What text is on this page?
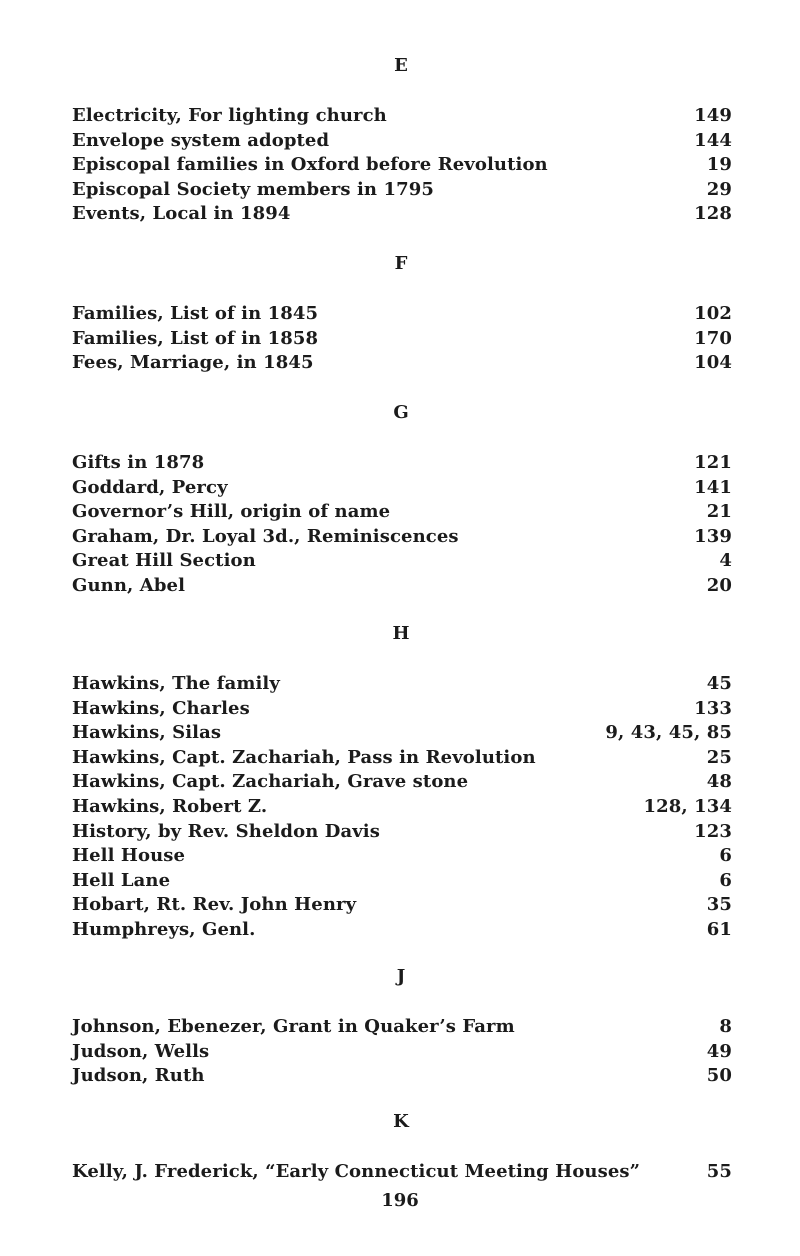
E
Electricity, For lighting church	149
Envelope system adopted	144
Episcopal families in Oxford before Revolution	19
Episcopal Society members in 1795	29
Events, Local in 1894	128
F
Families, List of in 1845	102
Families, List of in 1858	170
Fees, Marriage, in 1845	104
G
Gifts in 1878	121
Goddard, Percy	141
Governor’s Hill, origin of name	21
Graham, Dr. Loyal 3d., Reminiscences	139
Great Hill Section	4
Gunn, Abel	20
H
Hawkins, The family	45
Hawkins, Charles	133
Hawkins, Silas	9, 43, 45, 85
Hawkins, Capt. Zachariah, Pass in Revolution	25
Hawkins, Capt. Zachariah, Grave stone	48
Hawkins, Robert Z.	128, 134
History, by Rev. Sheldon Davis	123
Hell House	6
Hell Lane	6
Hobart, Rt. Rev. John Henry	35
Humphreys, Genl.	61
J
Johnson, Ebenezer, Grant in Quaker’s Farm	8
Judson, Wells	49
Judson, Ruth	50
K
Kelly, J. Frederick, “Early Connecticut Meeting Houses”	55
196
